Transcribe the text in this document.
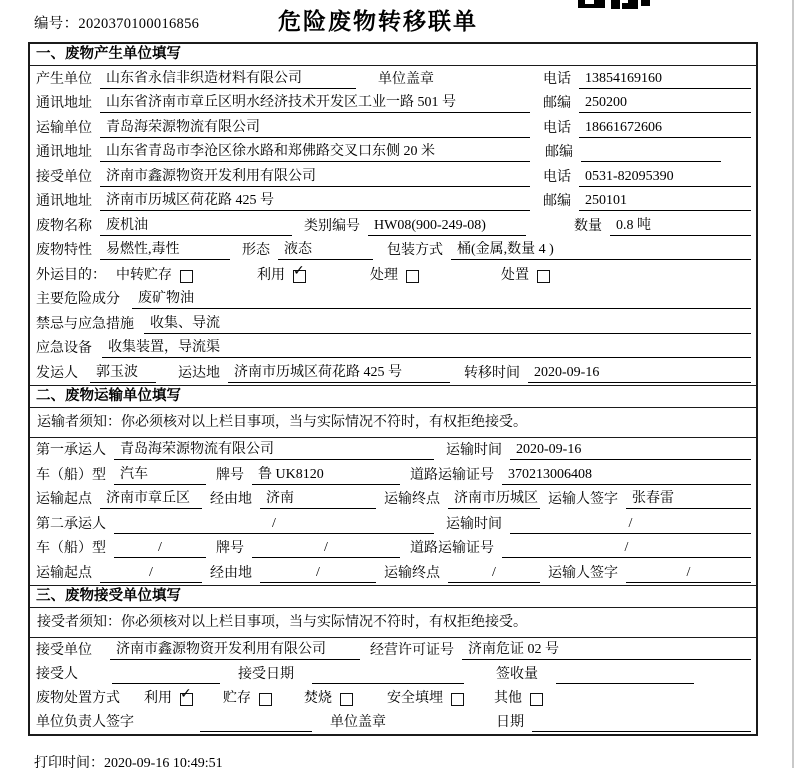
编号：2020370100016856	危险废物转移联单
一、废物产生单位填写
产生单位	山东省永信非织造材料有限公司	单位盖章	电话	13854169160
通讯地址	山东省济南市章丘区明水经济技术开发区工业一路 501 号	邮编	250200
运输单位	青岛海荣源物流有限公司	电话	18661672606
通讯地址	山东省青岛市李沧区徐水路和郑佛路交叉口东侧 20 米	邮编
接受单位	济南市鑫源物资开发利用有限公司	电话	0531-82095390
通讯地址	济南市历城区荷花路 425 号	邮编	250101
废物名称	废机油	类别编号	HW08(900-249-08)	数量	0.8 吨
废物特性	易燃性,毒性	形态	液态	包装方式	桶(金属,数量 4 )
外运目的： 中转贮存	利用 ✓	处理	处置
主要危险成分	废矿物油
禁忌与应急措施	收集、导流
应急设备	收集装置，导流渠
发运人	郭玉波	运达地	济南市历城区荷花路 425 号	转移时间	2020-09-16
二、废物运输单位填写
运输者须知：你必须核对以上栏目事项，当与实际情况不符时，有权拒绝接受。
第一承运人	青岛海荣源物流有限公司	运输时间	2020-09-16
车（船）型	汽车	牌号	鲁 UK8120	道路运输证号	370213006408
运输起点	济南市章丘区	经由地	济南	运输终点	济南市历城区 运输人签字	张春雷
第二承运人	/	运输时间	/
车（船）型	/	牌号	/	道路运输证号	/
运输起点	/	经由地	/	运输终点	/	运输人签字	/
三、废物接受单位填写
接受者须知：你必须核对以上栏目事项，当与实际情况不符时，有权拒绝接受。
接受单位	济南市鑫源物资开发利用有限公司	经营许可证号	济南危证 02 号
接受人	接受日期	签收量
废物处置方式 利用 ✓ 贮存	焚烧	安全填埋	其他
单位负责人签字	单位盖章	日期
打印时间：2020-09-16 10:49:51
